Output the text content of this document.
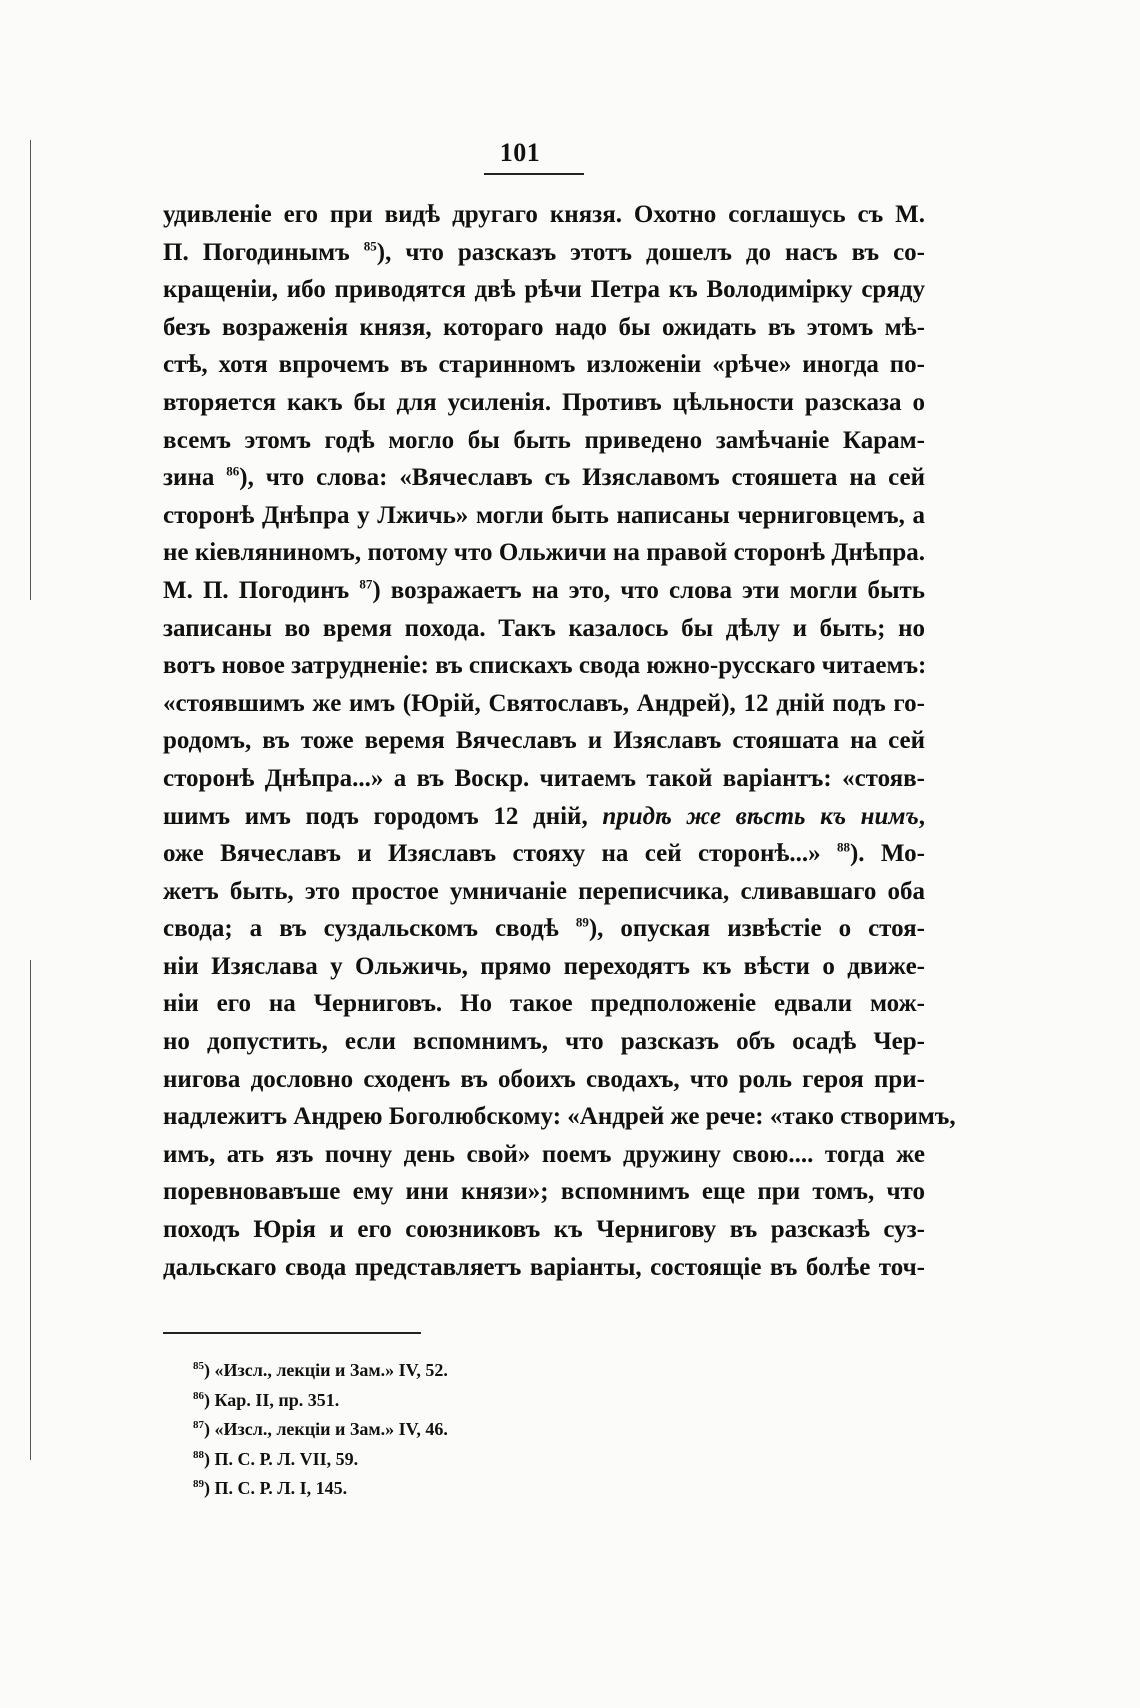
101
удивленіе его при видѣ другаго князя. Охотно соглашусь съ М.
П. Погодинымъ $^{85}$), что разсказъ этотъ дошелъ до насъ въ со-
кращеніи, ибо приводятся двѣ рѣчи Петра къ Володимірку сряду
безъ возраженія князя, котораго надо бы ожидать въ этомъ мѣ-
стѣ, хотя впрочемъ въ старинномъ изложеніи «рѣче» иногда по-
вторяется какъ бы для усиленія. Противъ цѣльности разсказа о
всемъ этомъ годѣ могло бы быть приведено замѣчаніе Карам-
зина $^{86}$), что слова: «Вячеславъ съ Изяславомъ стояшета на сей
сторонѣ Днѣпра у Лжичь» могли быть написаны черниговцемъ, а
не кіевляниномъ, потому что Ольжичи на правой сторонѣ Днѣпра.
М. П. Погодинъ $^{87}$) возражаетъ на это, что слова эти могли быть
записаны во время похода. Такъ казалось бы дѣлу и быть; но
вотъ новое затрудненіе: въ спискахъ свода южно-русскаго читаемъ:
«стоявшимъ же имъ (Юрій, Святославъ, Андрей), 12 дній подъ го-
родомъ, въ тоже веремя Вячеславъ и Изяславъ стояшата на сей
сторонѣ Днѣпра...» а въ Воскр. читаемъ такой варіантъ: «стояв-
шимъ имъ подъ городомъ 12 дній, придѣ же вѣсть къ нимъ,
оже Вячеславъ и Изяславъ стояху на сей сторонѣ...» $^{88}$). Мо-
жетъ быть, это простое умничаніе переписчика, сливавшаго оба
свода; а въ суздальскомъ сводѣ $^{89}$), опуская извѣстіе о стоя-
ніи Изяслава у Ольжичь, прямо переходятъ къ вѣсти о движе-
ніи его на Черниговъ. Но такое предположеніе едвали мож-
но допустить, если вспомнимъ, что разсказъ объ осадѣ Чер-
нигова дословно сходенъ въ обоихъ сводахъ, что роль героя при-
надлежитъ Андрею Боголюбскому: «Андрей же рече: «тако створимъ,
имъ, ать язъ почну день свой» поемъ дружину свою.... тогда же
поревновавъше ему ини князи»; вспомнимъ еще при томъ, что
походъ Юрія и его союзниковъ къ Чернигову въ разсказѣ суз-
дальскаго свода представляетъ варіанты, состоящіе въ болѣе точ-
$^{85}$) «Изсл., лекціи и Зам.» IV, 52.
$^{86}$) Кар. II, пр. 351.
$^{87}$) «Изсл., лекціи и Зам.» IV, 46.
$^{88}$) П. С. Р. Л. VII, 59.
$^{89}$) П. С. Р. Л. I, 145.
